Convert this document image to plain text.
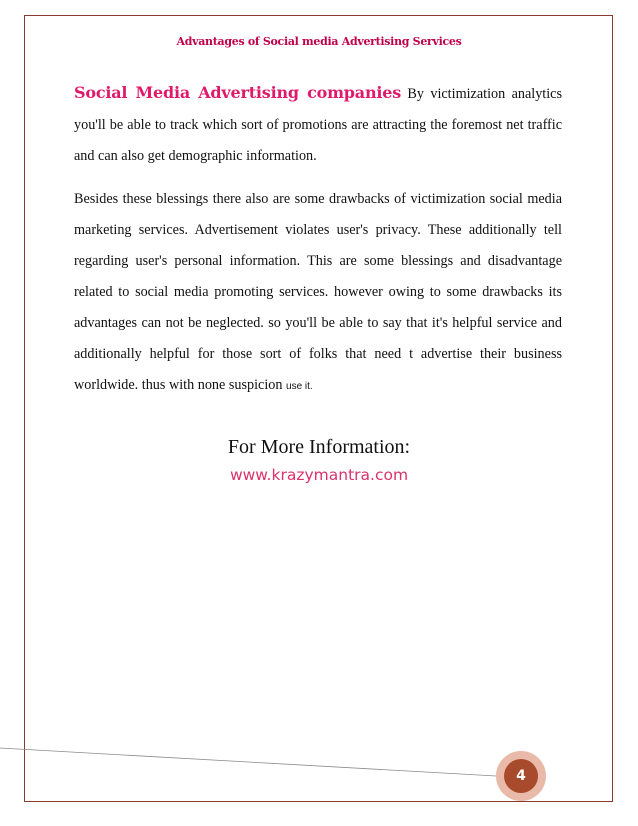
Advantages of Social media Advertising Services
Social Media Advertising companies By victimization analytics you'll be able to track which sort of promotions are attracting the foremost net traffic and can also get demographic information.
Besides these blessings there also are some drawbacks of victimization social media marketing services. Advertisement violates user's privacy. These additionally tell regarding user's personal information. This are some blessings and disadvantage related to social media promoting services. however owing to some drawbacks its advantages can not be neglected. so you'll be able to say that it's helpful service and additionally helpful for those sort of folks that need t advertise their business worldwide. thus with none suspicion use it.
For More Information:
www.krazymantra.com
4
